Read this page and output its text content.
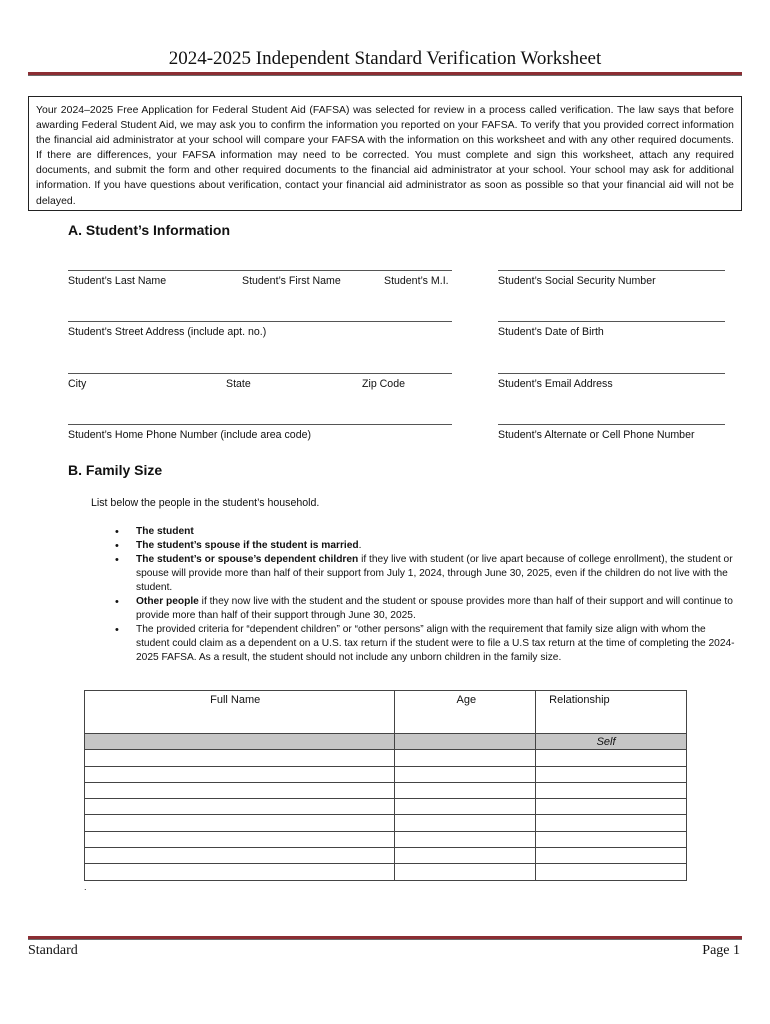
2024-2025 Independent Standard Verification Worksheet
Your 2024–2025 Free Application for Federal Student Aid (FAFSA) was selected for review in a process called verification. The law says that before awarding Federal Student Aid, we may ask you to confirm the information you reported on your FAFSA. To verify that you provided correct information the financial aid administrator at your school will compare your FAFSA with the information on this worksheet and with any other required documents. If there are differences, your FAFSA information may need to be corrected. You must complete and sign this worksheet, attach any required documents, and submit the form and other required documents to the financial aid administrator at your school. Your school may ask for additional information. If you have questions about verification, contact your financial aid administrator as soon as possible so that your financial aid will not be delayed.
A. Student’s Information
Student’s Last Name	Student’s First Name	Student’s M.I.	Student’s Social Security Number
Student’s Street Address (include apt. no.)	Student’s Date of Birth
City	State	Zip Code	Student’s Email Address
Student’s Home Phone Number (include area code)	Student’s Alternate or Cell Phone Number
B. Family Size
List below the people in the student’s household.
• The student
• The student’s spouse if the student is married.
• The student’s or spouse’s dependent children if they live with student (or live apart because of college enrollment), the student or spouse will provide more than half of their support from July 1, 2024, through June 30, 2025, even if the children do not live with the student.
• Other people if they now live with the student and the student or spouse provides more than half of their support and will continue to provide more than half of their support through June 30, 2025.
• The provided criteria for “dependent children” or “other persons” align with the requirement that family size align with whom the student could claim as a dependent on a U.S. tax return if the student were to file a U.S tax return at the time of completing the 2024-2025 FAFSA. As a result, the student should not include any unborn children in the family size.
Full Name	Age	Relationship
		Self

.
Standard	Page 1
